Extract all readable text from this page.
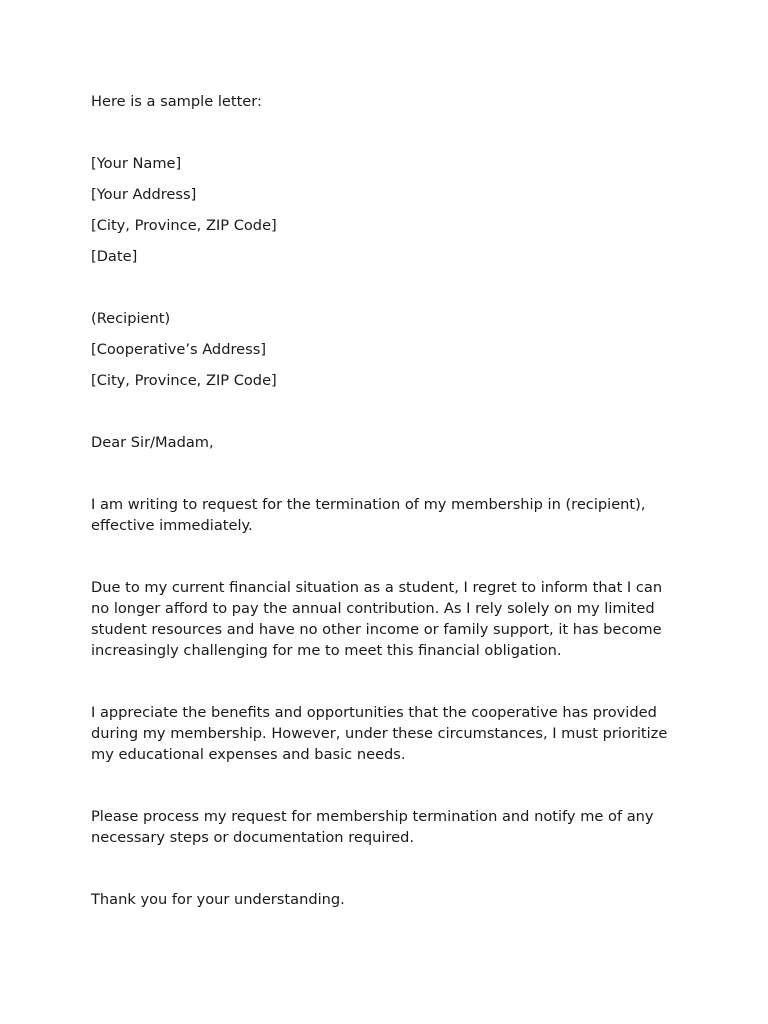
Here is a sample letter:

[Your Name]

[Your Address]

[City, Province, ZIP Code]

[Date]

(Recipient)

[Cooperative’s Address]

[City, Province, ZIP Code]

Dear Sir/Madam,

I am writing to request for the termination of my membership in (recipient), effective immediately.

Due to my current financial situation as a student, I regret to inform that I can no longer afford to pay the annual contribution. As I rely solely on my limited student resources and have no other income or family support, it has become increasingly challenging for me to meet this financial obligation.

I appreciate the benefits and opportunities that the cooperative has provided during my membership. However, under these circumstances, I must prioritize my educational expenses and basic needs.

Please process my request for membership termination and notify me of any necessary steps or documentation required.

Thank you for your understanding.
